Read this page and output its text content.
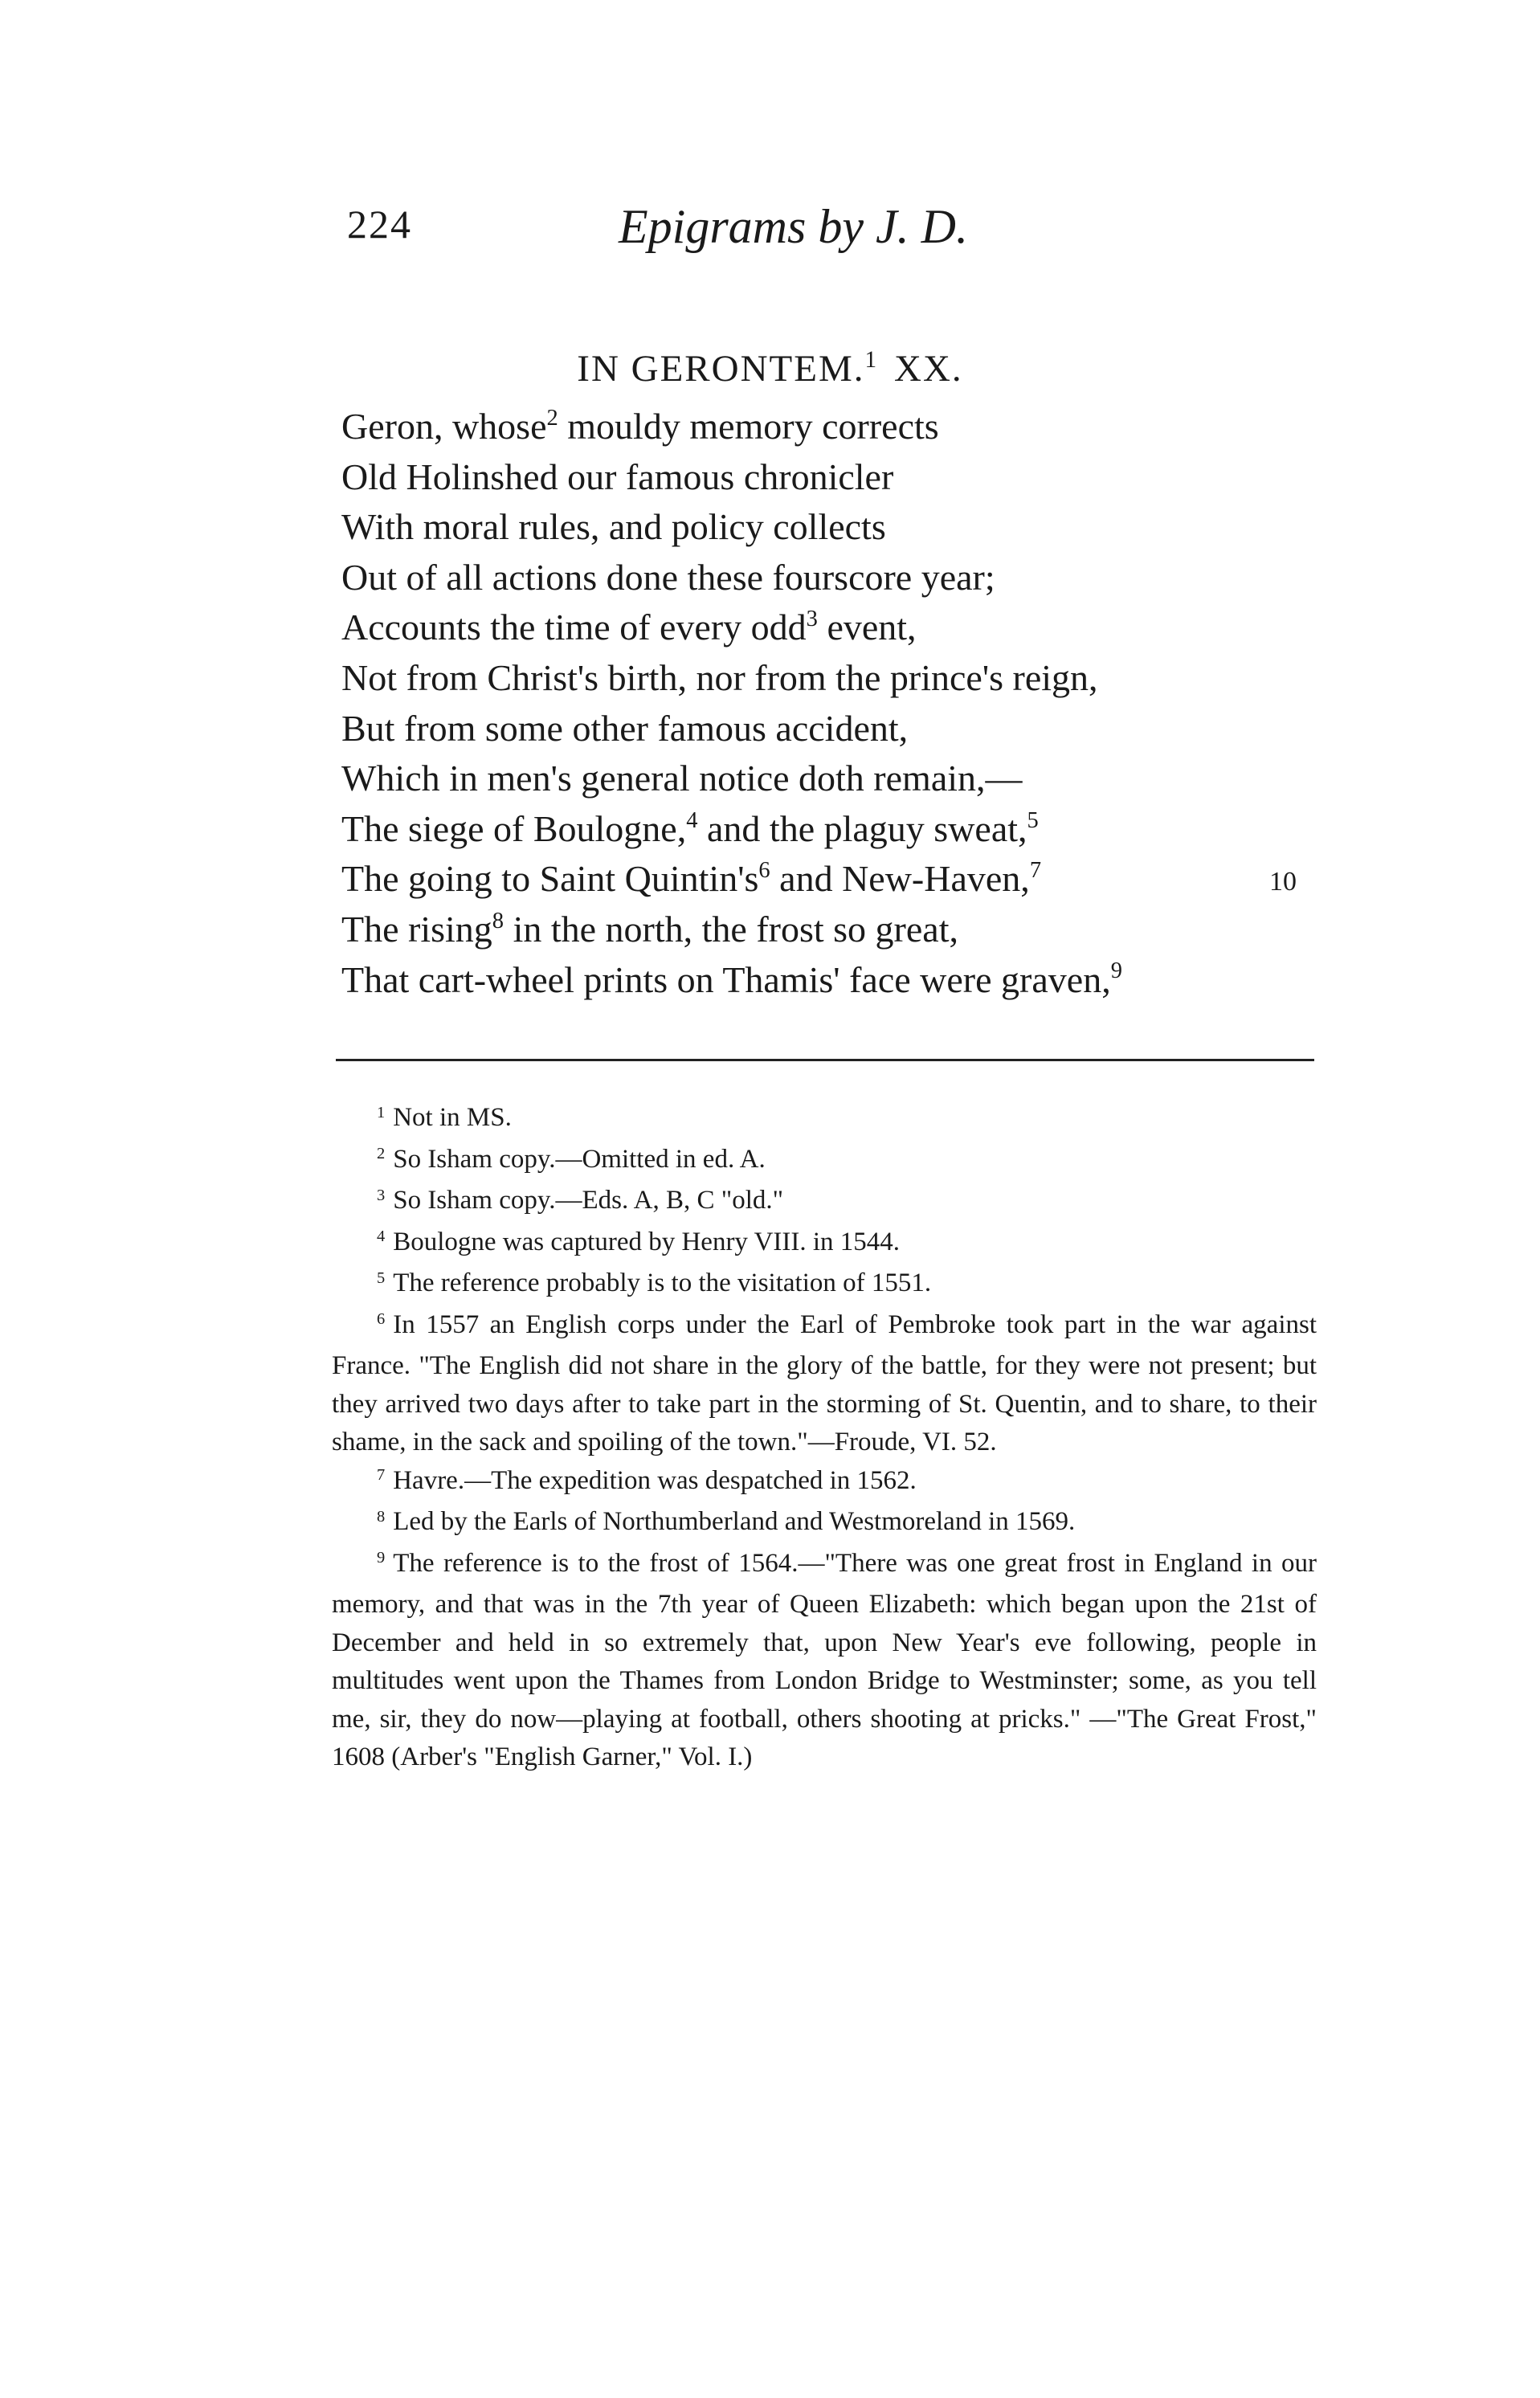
224	Epigrams by J. D.
IN GERONTEM.$^1$ XX.
Geron, whose$^2$ mouldy memory corrects
Old Holinshed our famous chronicler
With moral rules, and policy collects
Out of all actions done these fourscore year;
Accounts the time of every odd$^3$ event,
Not from Christ's birth, nor from the prince's reign,
But from some other famous accident,
Which in men's general notice doth remain,—
The siege of Boulogne,$^4$ and the plaguy sweat,$^5$
The going to Saint $Quintin's^6$ and New-Haven,$^7$	10
The rising$^8$ in the north, the frost so great,
That cart-wheel prints on Thamis' face were graven,$^9$

$^1$ Not in MS.

$^2$ So Isham copy.—Omitted in ed. A.

$^3$ So Isham copy.—Eds. A, B, C "old."

$^4$ Boulogne was captured by Henry VIII. in 1544.

$^5$ The reference probably is to the visitation of 1551.

$^6$ In 1557 an English corps under the Earl of Pembroke took part in the war against France. "The English did not share in the glory of the battle, for they were not present; but they arrived two days after to take part in the storming of St. Quentin, and to share, to their shame, in the sack and spoiling of the town."—Froude, VI. 52.

$^7$ Havre.—The expedition was despatched in 1562.

$^8$ Led by the Earls of Northumberland and Westmoreland in 1569.

$^9$ The reference is to the frost of 1564.—"There was one great frost in England in our memory, and that was in the 7th year of Queen Elizabeth: which began upon the 21st of December and held in so extremely that, upon New Year's eve following, people in multitudes went upon the Thames from London Bridge to Westminster; some, as you tell me, sir, they do now—playing at football, others shooting at pricks." —"The Great Frost," 1608 (Arber's "English Garner," Vol. I.)
